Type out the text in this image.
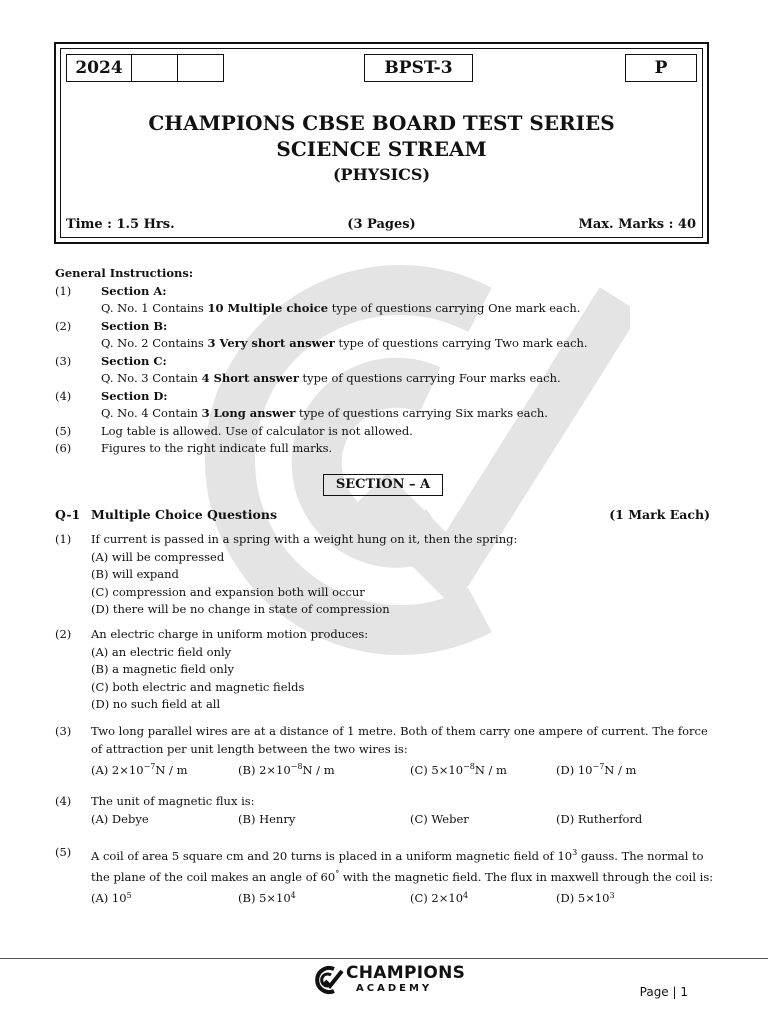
2024	BPST-3	P
CHAMPIONS CBSE BOARD TEST SERIES
SCIENCE STREAM
(PHYSICS)
Time : 1.5 Hrs.	(3 Pages)	Max. Marks : 40
General Instructions:
(1)	Section A:
Q. No. 1 Contains 10 Multiple choice type of questions carrying One mark each.
(2)	Section B:
Q. No. 2 Contains 3 Very short answer type of questions carrying Two mark each.
(3)	Section C:
Q. No. 3 Contain 4 Short answer type of questions carrying Four marks each.
(4)	Section D:
Q. No. 4 Contain 3 Long answer type of questions carrying Six marks each.
(5)	Log table is allowed. Use of calculator is not allowed.
(6)	Figures to the right indicate full marks.
SECTION – A
Q-1 Multiple Choice Questions	(1 Mark Each)
(1) If current is passed in a spring with a weight hung on it, then the spring:
(A) will be compressed
(B) will expand
(C) compression and expansion both will occur
(D) there will be no change in state of compression
(2) An electric charge in uniform motion produces:
(A) an electric field only
(B) a magnetic field only
(C) both electric and magnetic fields
(D) no such field at all
(3) Two long parallel wires are at a distance of 1 metre. Both of them carry one ampere of current. The force of attraction per unit length between the two wires is:
(A) $2\times 10^{-7}N / m$	(B) $2\times 10^{-8}N / m$	(C) $5\times 10^{-8}N / m$	(D) $10^{-7}N$ / m
(4) The unit of magnetic flux is:
(A) Debye	(B) Henry	(C) Weber	(D) Rutherford
(5) A coil of area 5 square cm and 20 turns is placed in a uniform magnetic field of $10^3$ gauss. The normal to the plane of the coil makes an angle of 60° with the magnetic field. The flux in maxwell through the coil is:
(A) $10^5$	(B) $5\times 10^4$	(C) $2\times 10^4$	(D) $5\times 10^3$
CHAMPIONS
ACADEMY	Page | 1
